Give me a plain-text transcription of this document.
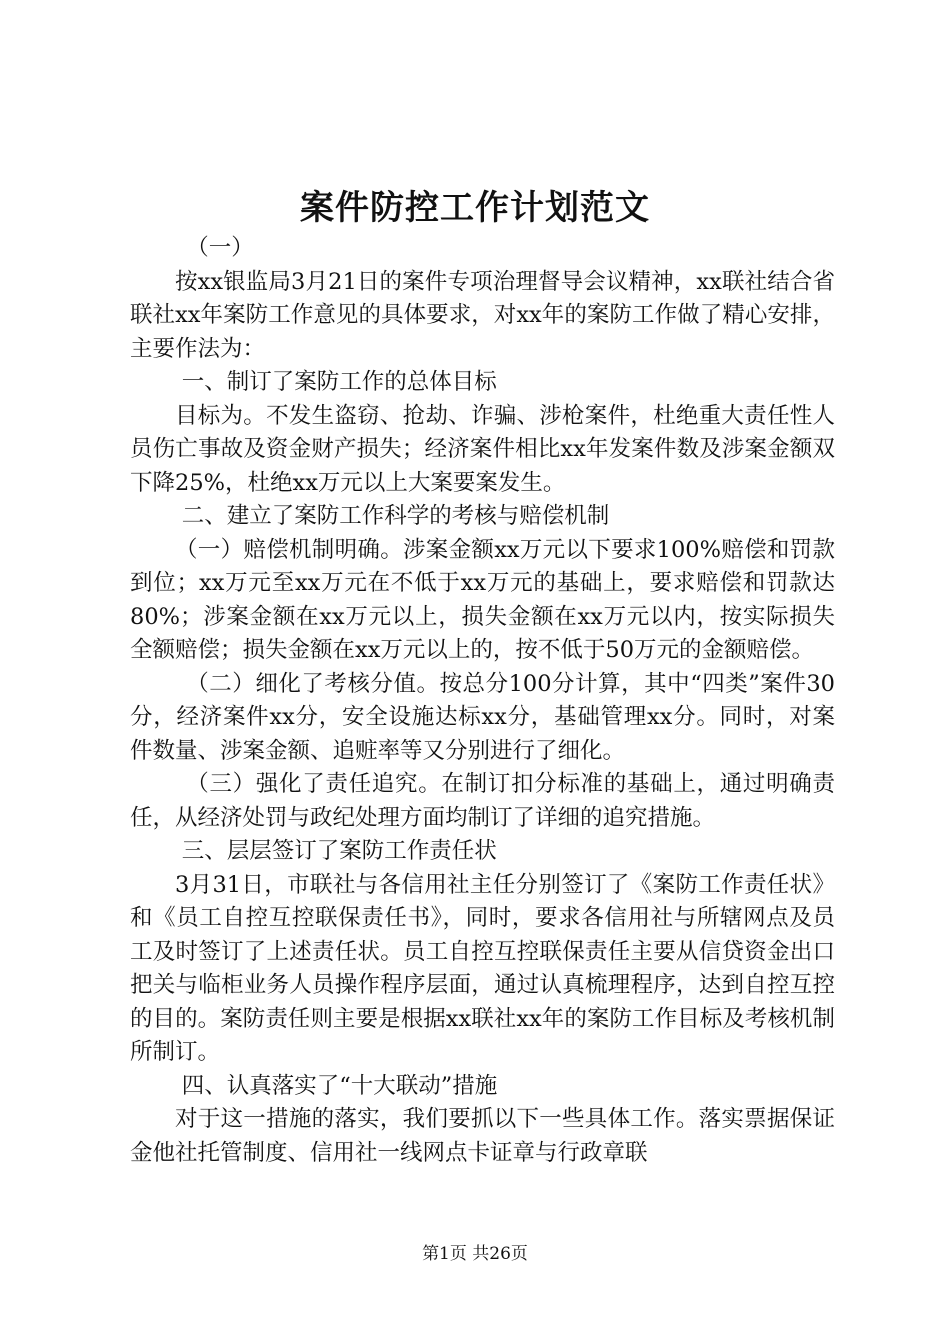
案件防控工作计划范文

（一）

按xx银监局3月21日的案件专项治理督导会议精神，xx联社结合省联社xx年案防工作意见的具体要求，对xx年的案防工作做了精心安排，主要作法为：

一、制订了案防工作的总体目标

目标为。不发生盗窃、抢劫、诈骗、涉枪案件，杜绝重大责任性人员伤亡事故及资金财产损失；经济案件相比xx年发案件数及涉案金额双下降25%，杜绝xx万元以上大案要案发生。

二、建立了案防工作科学的考核与赔偿机制

（一）赔偿机制明确。涉案金额xx万元以下要求100%赔偿和罚款到位；xx万元至xx万元在不低于xx万元的基础上，要求赔偿和罚款达80%；涉案金额在xx万元以上，损失金额在xx万元以内，按实际损失全额赔偿；损失金额在xx万元以上的，按不低于50万元的金额赔偿。

（二）细化了考核分值。按总分100分计算，其中“四类”案件30分，经济案件xx分，安全设施达标xx分，基础管理xx分。同时，对案件数量、涉案金额、追赃率等又分别进行了细化。

（三）强化了责任追究。在制订扣分标准的基础上，通过明确责任，从经济处罚与政纪处理方面均制订了详细的追究措施。

三、层层签订了案防工作责任状

3月31日，市联社与各信用社主任分别签订了《案防工作责任状》和《员工自控互控联保责任书》，同时，要求各信用社与所辖网点及员工及时签订了上述责任状。员工自控互控联保责任主要从信贷资金出口把关与临柜业务人员操作程序层面，通过认真梳理程序，达到自控互控的目的。案防责任则主要是根据xx联社xx年的案防工作目标及考核机制所制订。

四、认真落实了“十大联动”措施

对于这一措施的落实，我们要抓以下一些具体工作。落实票据保证金他社托管制度、信用社一线网点卡证章与行政章联

第1页 共26页
